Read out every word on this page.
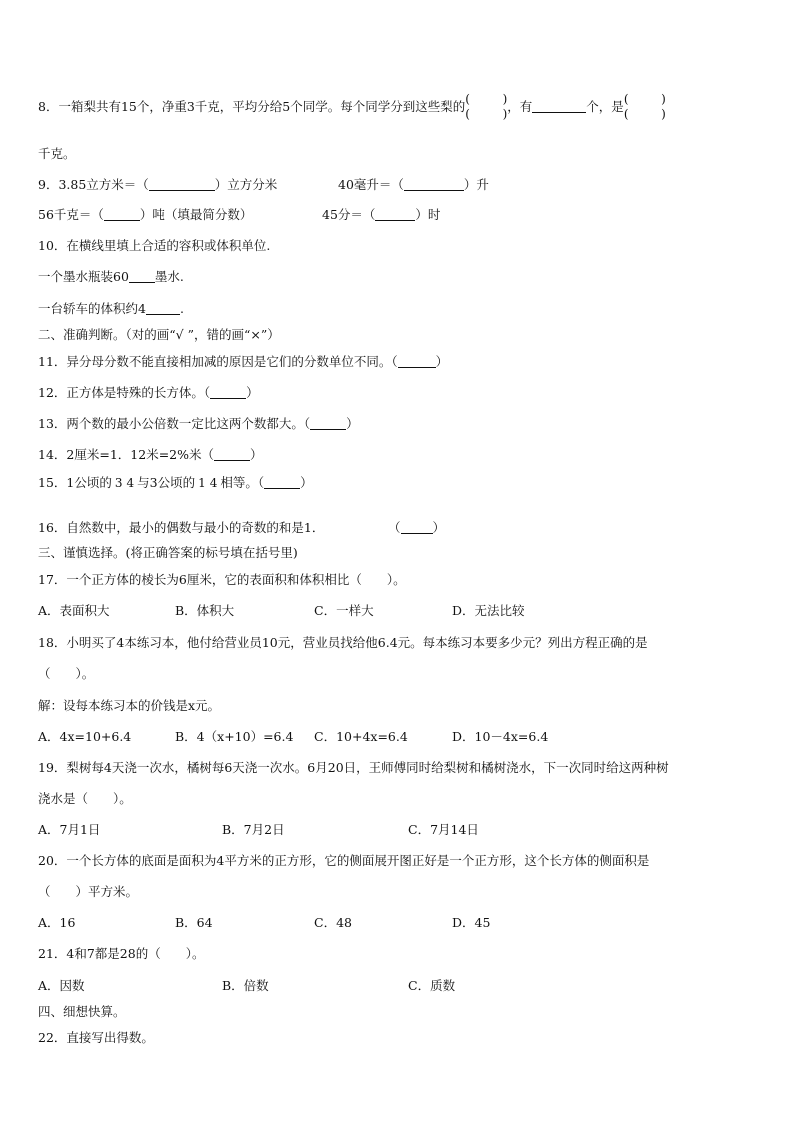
8．一箱梨共有15个，净重3千克，平均分给5个同学。每个同学分到这些梨的 (	)
(	) ，有	个，是 (	)
(	)
千克。
9．3.85立方米＝（	）立方分米	40毫升＝（	）升
56千克＝（	）吨（填最简分数）	45分＝（	）时
10．在横线里填上合适的容积或体积单位.
一个墨水瓶装60 墨水.
一台轿车的体积约4	.
二、准确判断。（对的画“√ ”，错的画“×”）
11．异分母分数不能直接相加减的原因是它们的分数单位不同。（	）
12．正方体是特殊的长方体。（	）
13．两个数的最小公倍数一定比这两个数都大。（	）
14．2厘米=1．12米=2%米（	）
15．1公顷的 3 4 与3公顷的 1 4 相等。（	）
16．自然数中，最小的偶数与最小的奇数的和是1．	（	）
三、谨慎选择。(将正确答案的标号填在括号里)
17．一个正方体的棱长为6厘米，它的表面积和体积相比（　　）。
A．表面积大	B．体积大	C．一样大	D．无法比较
18．小明买了4本练习本，他付给营业员10元，营业员找给他6.4元。每本练习本要多少元？列出方程正确的是
（　　）。
解：设每本练习本的价钱是x元。
A．4x=10+6.4	B．4（x+10）=6.4 C．10+4x=6.4	D．10－4x=6.4
19．梨树每4天浇一次水，橘树每6天浇一次水。6月20日，王师傅同时给梨树和橘树浇水，下一次同时给这两种树
浇水是（　　）。
A．7月1日	B．7月2日	C．7月14日
20．一个长方体的底面是面积为4平方米的正方形，它的侧面展开图正好是一个正方形，这个长方体的侧面积是
（　　）平方米。
A．16	B．64	C．48	D．45
21．4和7都是28的（　　）。
A．因数	B．倍数	C．质数
四、细想快算。
22．直接写出得数。
